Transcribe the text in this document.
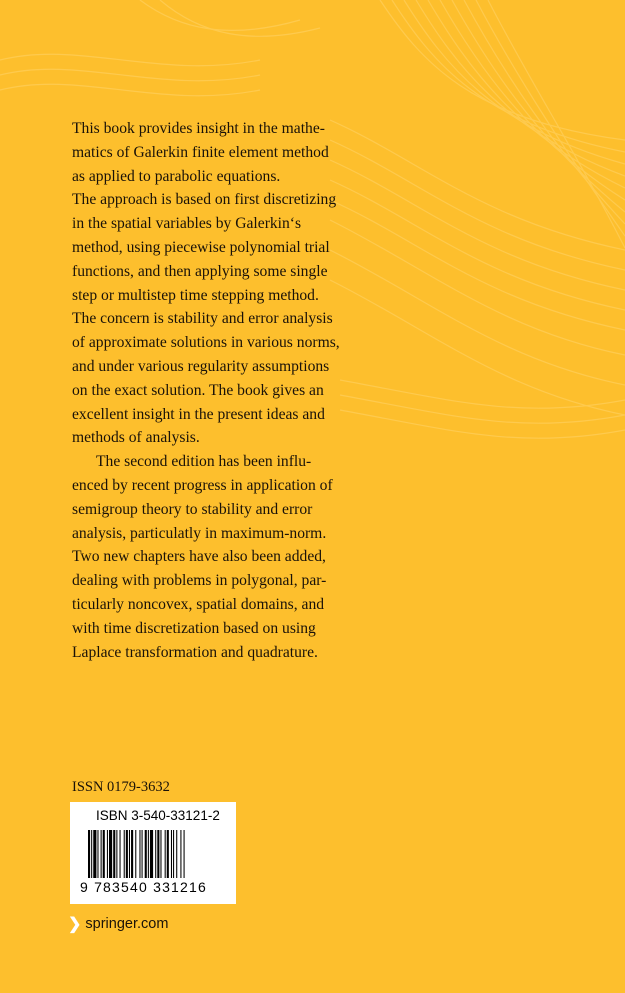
This book provides insight in the mathe-
matics of Galerkin finite element method
as applied to parabolic equations.
The approach is based on first discretizing
in the spatial variables by Galerkin‘s
method, using piecewise polynomial trial
functions, and then applying some single
step or multistep time stepping method.
The concern is stability and error analysis
of approximate solutions in various norms,
and under various regularity assumptions
on the exact solution. The book gives an
excellent insight in the present ideas and
methods of analysis.
The second edition has been influ-
enced by recent progress in application of
semigroup theory to stability and error
analysis, particulatly in maximum-norm.
Two new chapters have also been added,
dealing with problems in polygonal, par-
ticularly noncovex, spatial domains, and
with time discretization based on using
Laplace transformation and quadrature.
ISSN 0179-3632
ISBN 3-540-33121-2
9 783540 331216
❯ springer.com
